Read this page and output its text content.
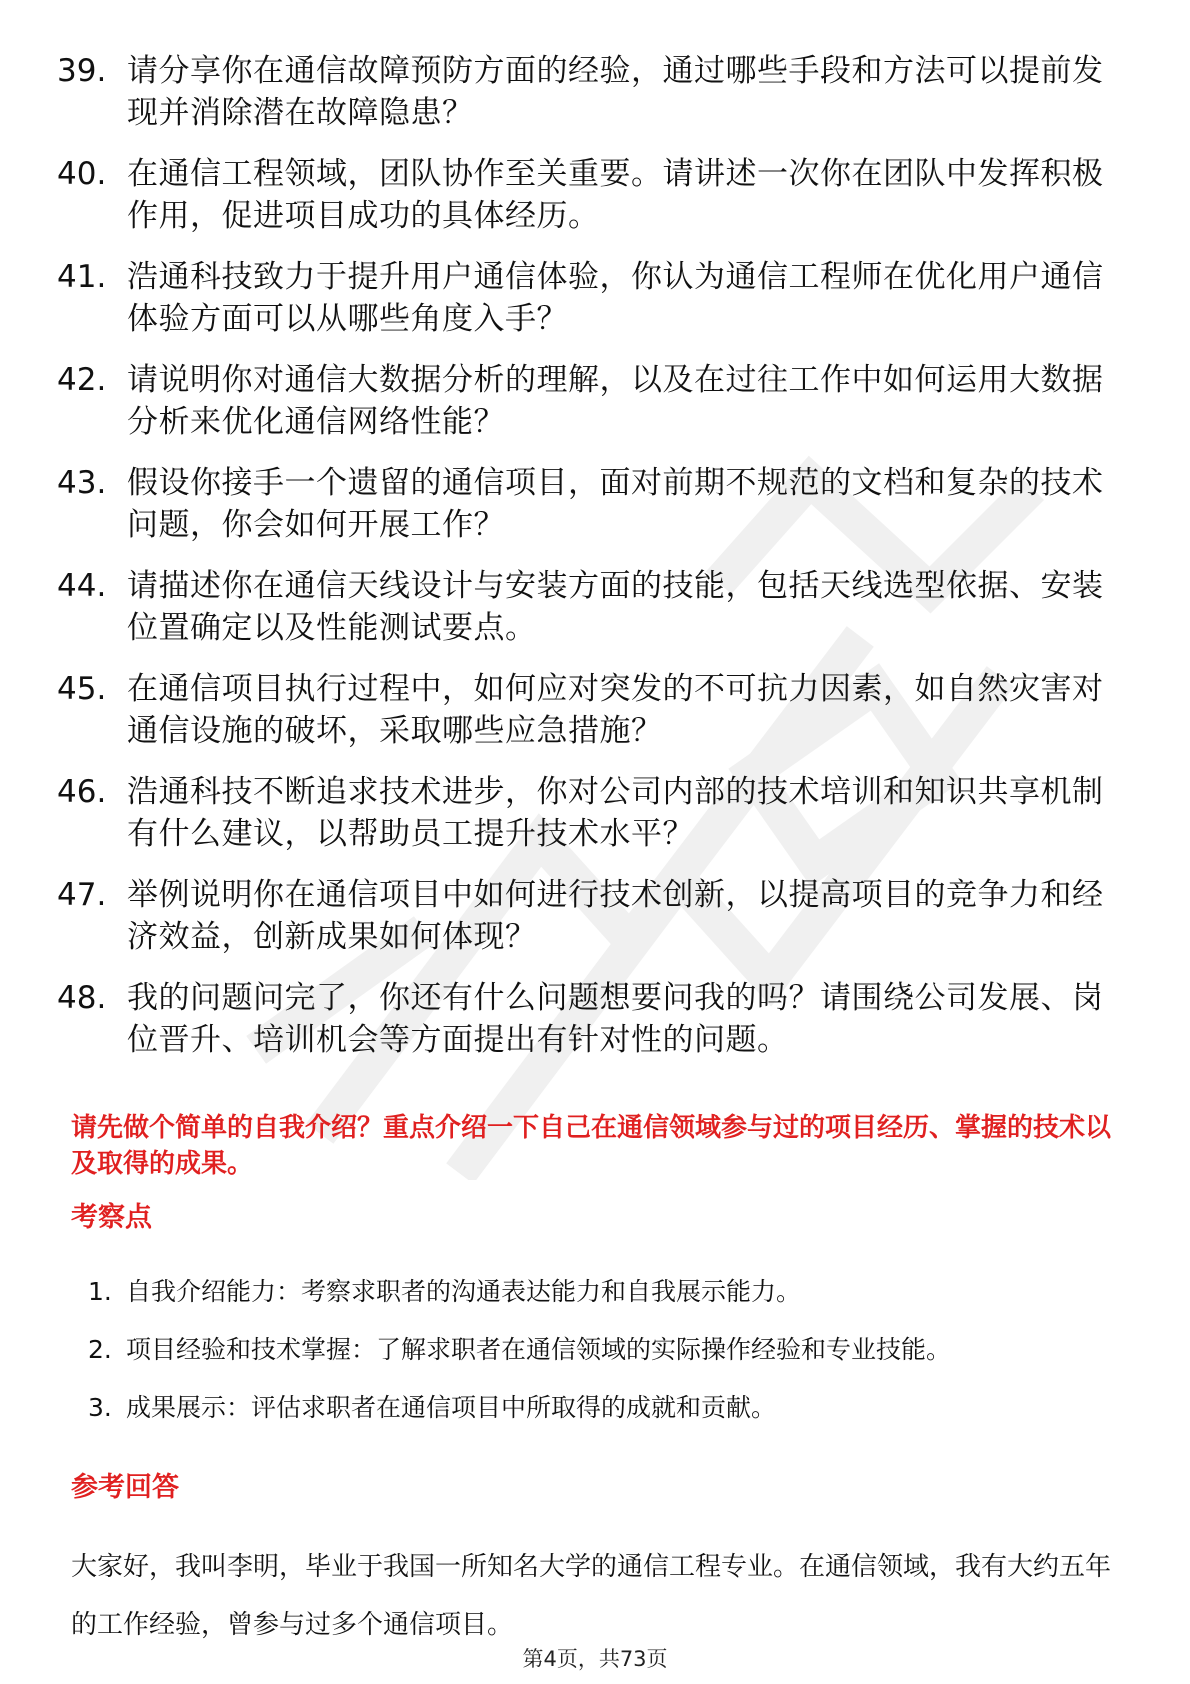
39. 请分享你在通信故障预防方面的经验，通过哪些手段和方法可以提前发现并消除潜在故障隐患？
40. 在通信工程领域，团队协作至关重要。请讲述一次你在团队中发挥积极作用，促进项目成功的具体经历。
41. 浩通科技致力于提升用户通信体验，你认为通信工程师在优化用户通信体验方面可以从哪些角度入手？
42. 请说明你对通信大数据分析的理解，以及在过往工作中如何运用大数据分析来优化通信网络性能？
43. 假设你接手一个遗留的通信项目，面对前期不规范的文档和复杂的技术问题，你会如何开展工作？
44. 请描述你在通信天线设计与安装方面的技能，包括天线选型依据、安装位置确定以及性能测试要点。
45. 在通信项目执行过程中，如何应对突发的不可抗力因素，如自然灾害对通信设施的破坏，采取哪些应急措施？
46. 浩通科技不断追求技术进步，你对公司内部的技术培训和知识共享机制有什么建议，以帮助员工提升技术水平？
47. 举例说明你在通信项目中如何进行技术创新，以提高项目的竞争力和经济效益，创新成果如何体现？
48. 我的问题问完了，你还有什么问题想要问我的吗？请围绕公司发展、岗位晋升、培训机会等方面提出有针对性的问题。
请先做个简单的自我介绍？重点介绍一下自己在通信领域参与过的项目经历、掌握的技术以及取得的成果。
考察点
1. 自我介绍能力：考察求职者的沟通表达能力和自我展示能力。
2. 项目经验和技术掌握：了解求职者在通信领域的实际操作经验和专业技能。
3. 成果展示：评估求职者在通信项目中所取得的成就和贡献。
参考回答
大家好，我叫李明，毕业于我国一所知名大学的通信工程专业。在通信领域，我有大约五年的工作经验，曾参与过多个通信项目。
第4页，共73页
